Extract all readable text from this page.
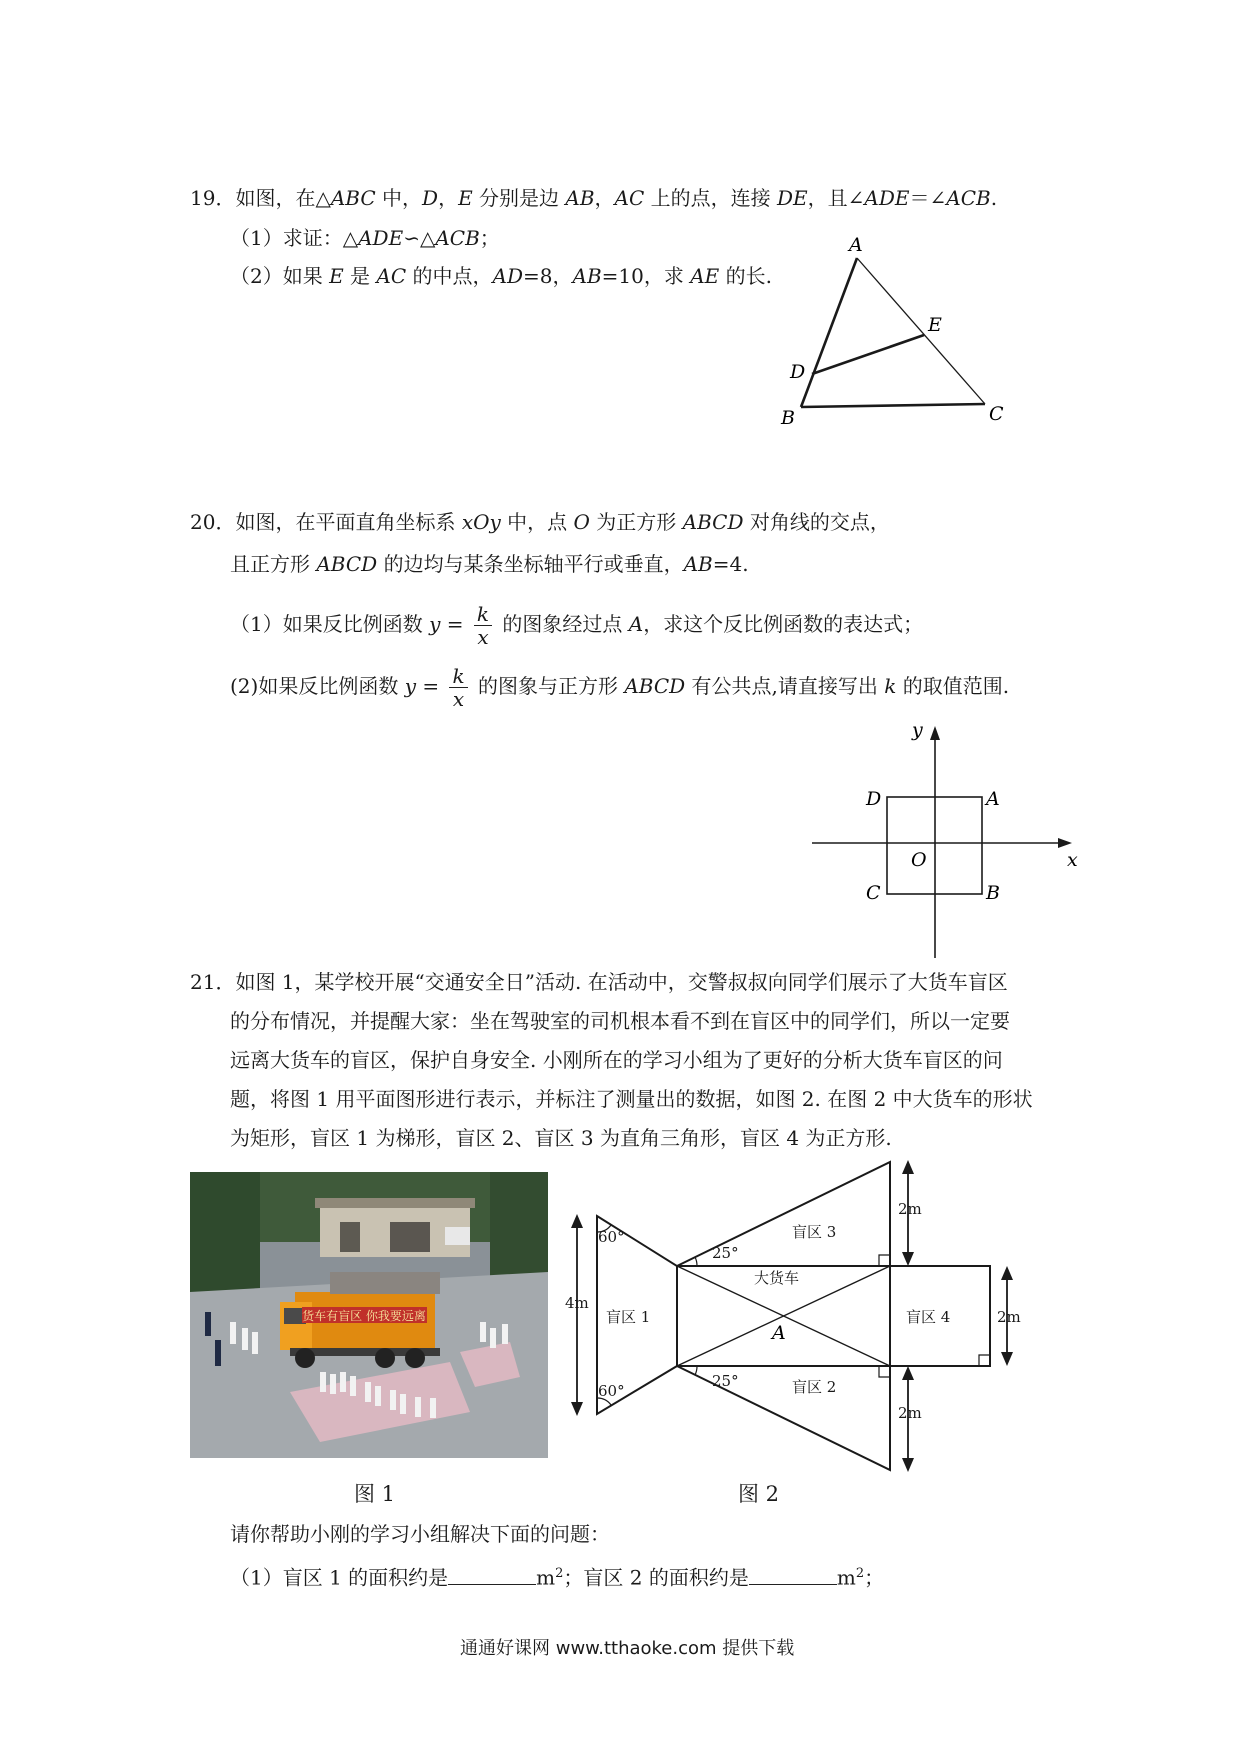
19．如图，在△ABC 中，D，E 分别是边 AB，AC 上的点，连接 DE，且∠ADE＝∠ACB.
（1）求证：△ADE∽△ACB；
（2）如果 E 是 AC 的中点，AD=8，AB=10，求 AE 的长.
A
B	C
D
E
20．如图，在平面直角坐标系 xOy 中，点 O 为正方形 ABCD 对角线的交点，
且正方形 ABCD 的边均与某条坐标轴平行或垂直，AB=4.
（1）如果反比例函数 $y = \frac{k}{x}$ 的图象经过点 A，求这个反比例函数的表达式；
(2)如果反比例函数 $y = \frac{k}{x}$ 的图象与正方形 ABCD 有公共点,请直接写出 k 的取值范围.
x
y
O
A
B
C
D
21．如图 1，某学校开展“交通安全日”活动. 在活动中，交警叔叔向同学们展示了大货车盲区
的分布情况，并提醒大家：坐在驾驶室的司机根本看不到在盲区中的同学们，所以一定要
远离大货车的盲区，保护自身安全. 小刚所在的学习小组为了更好的分析大货车盲区的问
题，将图 1 用平面图形进行表示，并标注了测量出的数据，如图 2. 在图 2 中大货车的形状
为矩形，盲区 1 为梯形，盲区 2、盲区 3 为直角三角形，盲区 4 为正方形.
货车有盲区 你我要远离
图 1
60°
60°
25°
25°
盲区 1
盲区 3
盲区 2
盲区 4
大货车
4m
2m
2m
2m
A
图 2
请你帮助小刚的学习小组解决下面的问题：
（1）盲区 1 的面积约是	$m^2$；盲区 2 的面积约是	$m^2$；
通通好课网 www.tthaoke.com 提供下载
